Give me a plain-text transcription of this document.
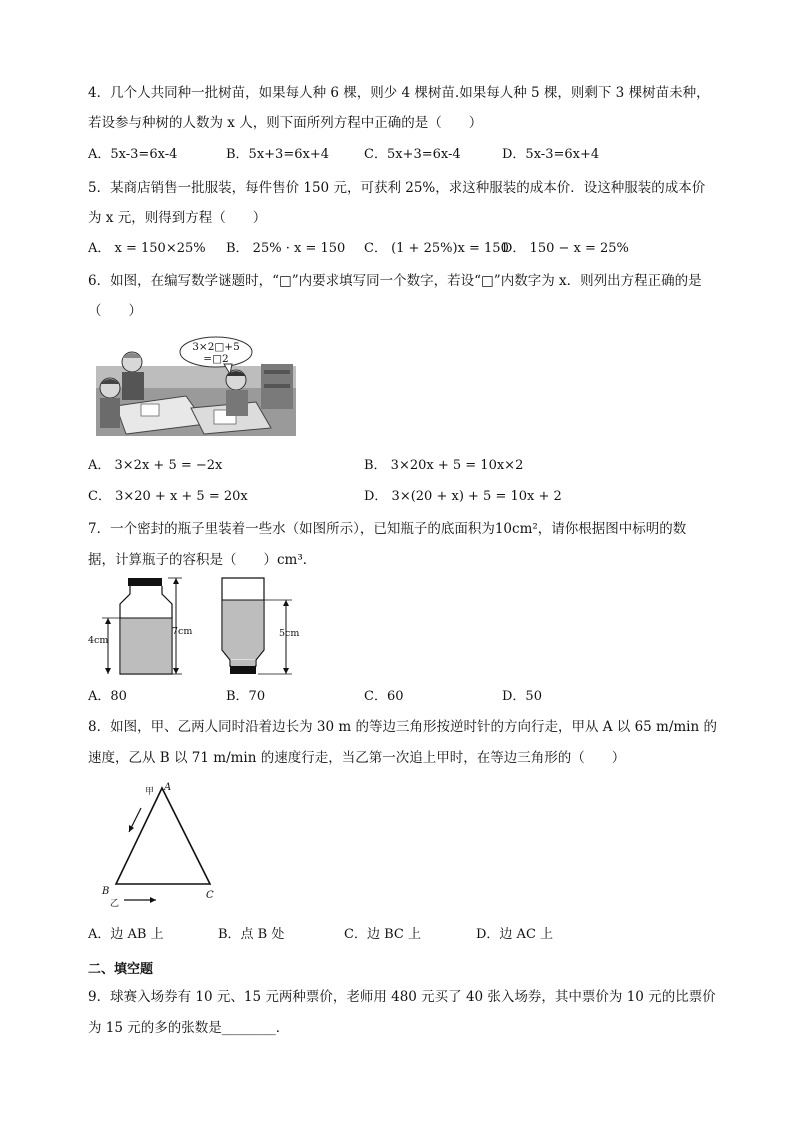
4．几个人共同种一批树苗，如果每人种 6 棵，则少 4 棵树苗.如果每人种 5 棵，则剩下 3 棵树苗未种，
若设参与种树的人数为 x 人，则下面所列方程中正确的是（　　）
A．5x-3=6x-4	B．5x+3=6x+4	C．5x+3=6x-4	D．5x-3=6x+4
5．某商店销售一批服装，每件售价 150 元，可获利 25%，求这种服装的成本价．设这种服装的成本价
为 x 元，则得到方程（　　）
A． x = 150×25% B． 25% · x = 150 C． (1 + 25%)x = 150
D． 150 − x = 25%
6．如图，在编写数学谜题时，“□”内要求填写同一个数字，若设“□”内数字为 x．则列出方程正确的是
（　　）
3×2□+5
=□2
A． 3×2x + 5 = −2x	B． 3×20x + 5 = 10x×2
C． 3×20 + x + 5 = 20x	D． 3×(20 + x) + 5 = 10x + 2
7．一个密封的瓶子里装着一些水（如图所示），已知瓶子的底面积为10cm²，请你根据图中标明的数
据，计算瓶子的容积是（　　）cm³．
4cm
7cm	5cm
A．80	B．70	C．60	D．50
8．如图，甲、乙两人同时沿着边长为 30 m 的等边三角形按逆时针的方向行走，甲从 A 以 65 m/min 的
速度，乙从 B 以 71 m/min 的速度行走，当乙第一次追上甲时，在等边三角形的（　　）
A
B	C
甲
乙
A．边 AB 上	B．点 B 处	C．边 BC 上	D．边 AC 上
二、填空题
9．球赛入场券有 10 元、15 元两种票价，老师用 480 元买了 40 张入场券，其中票价为 10 元的比票价
为 15 元的多的张数是________．
